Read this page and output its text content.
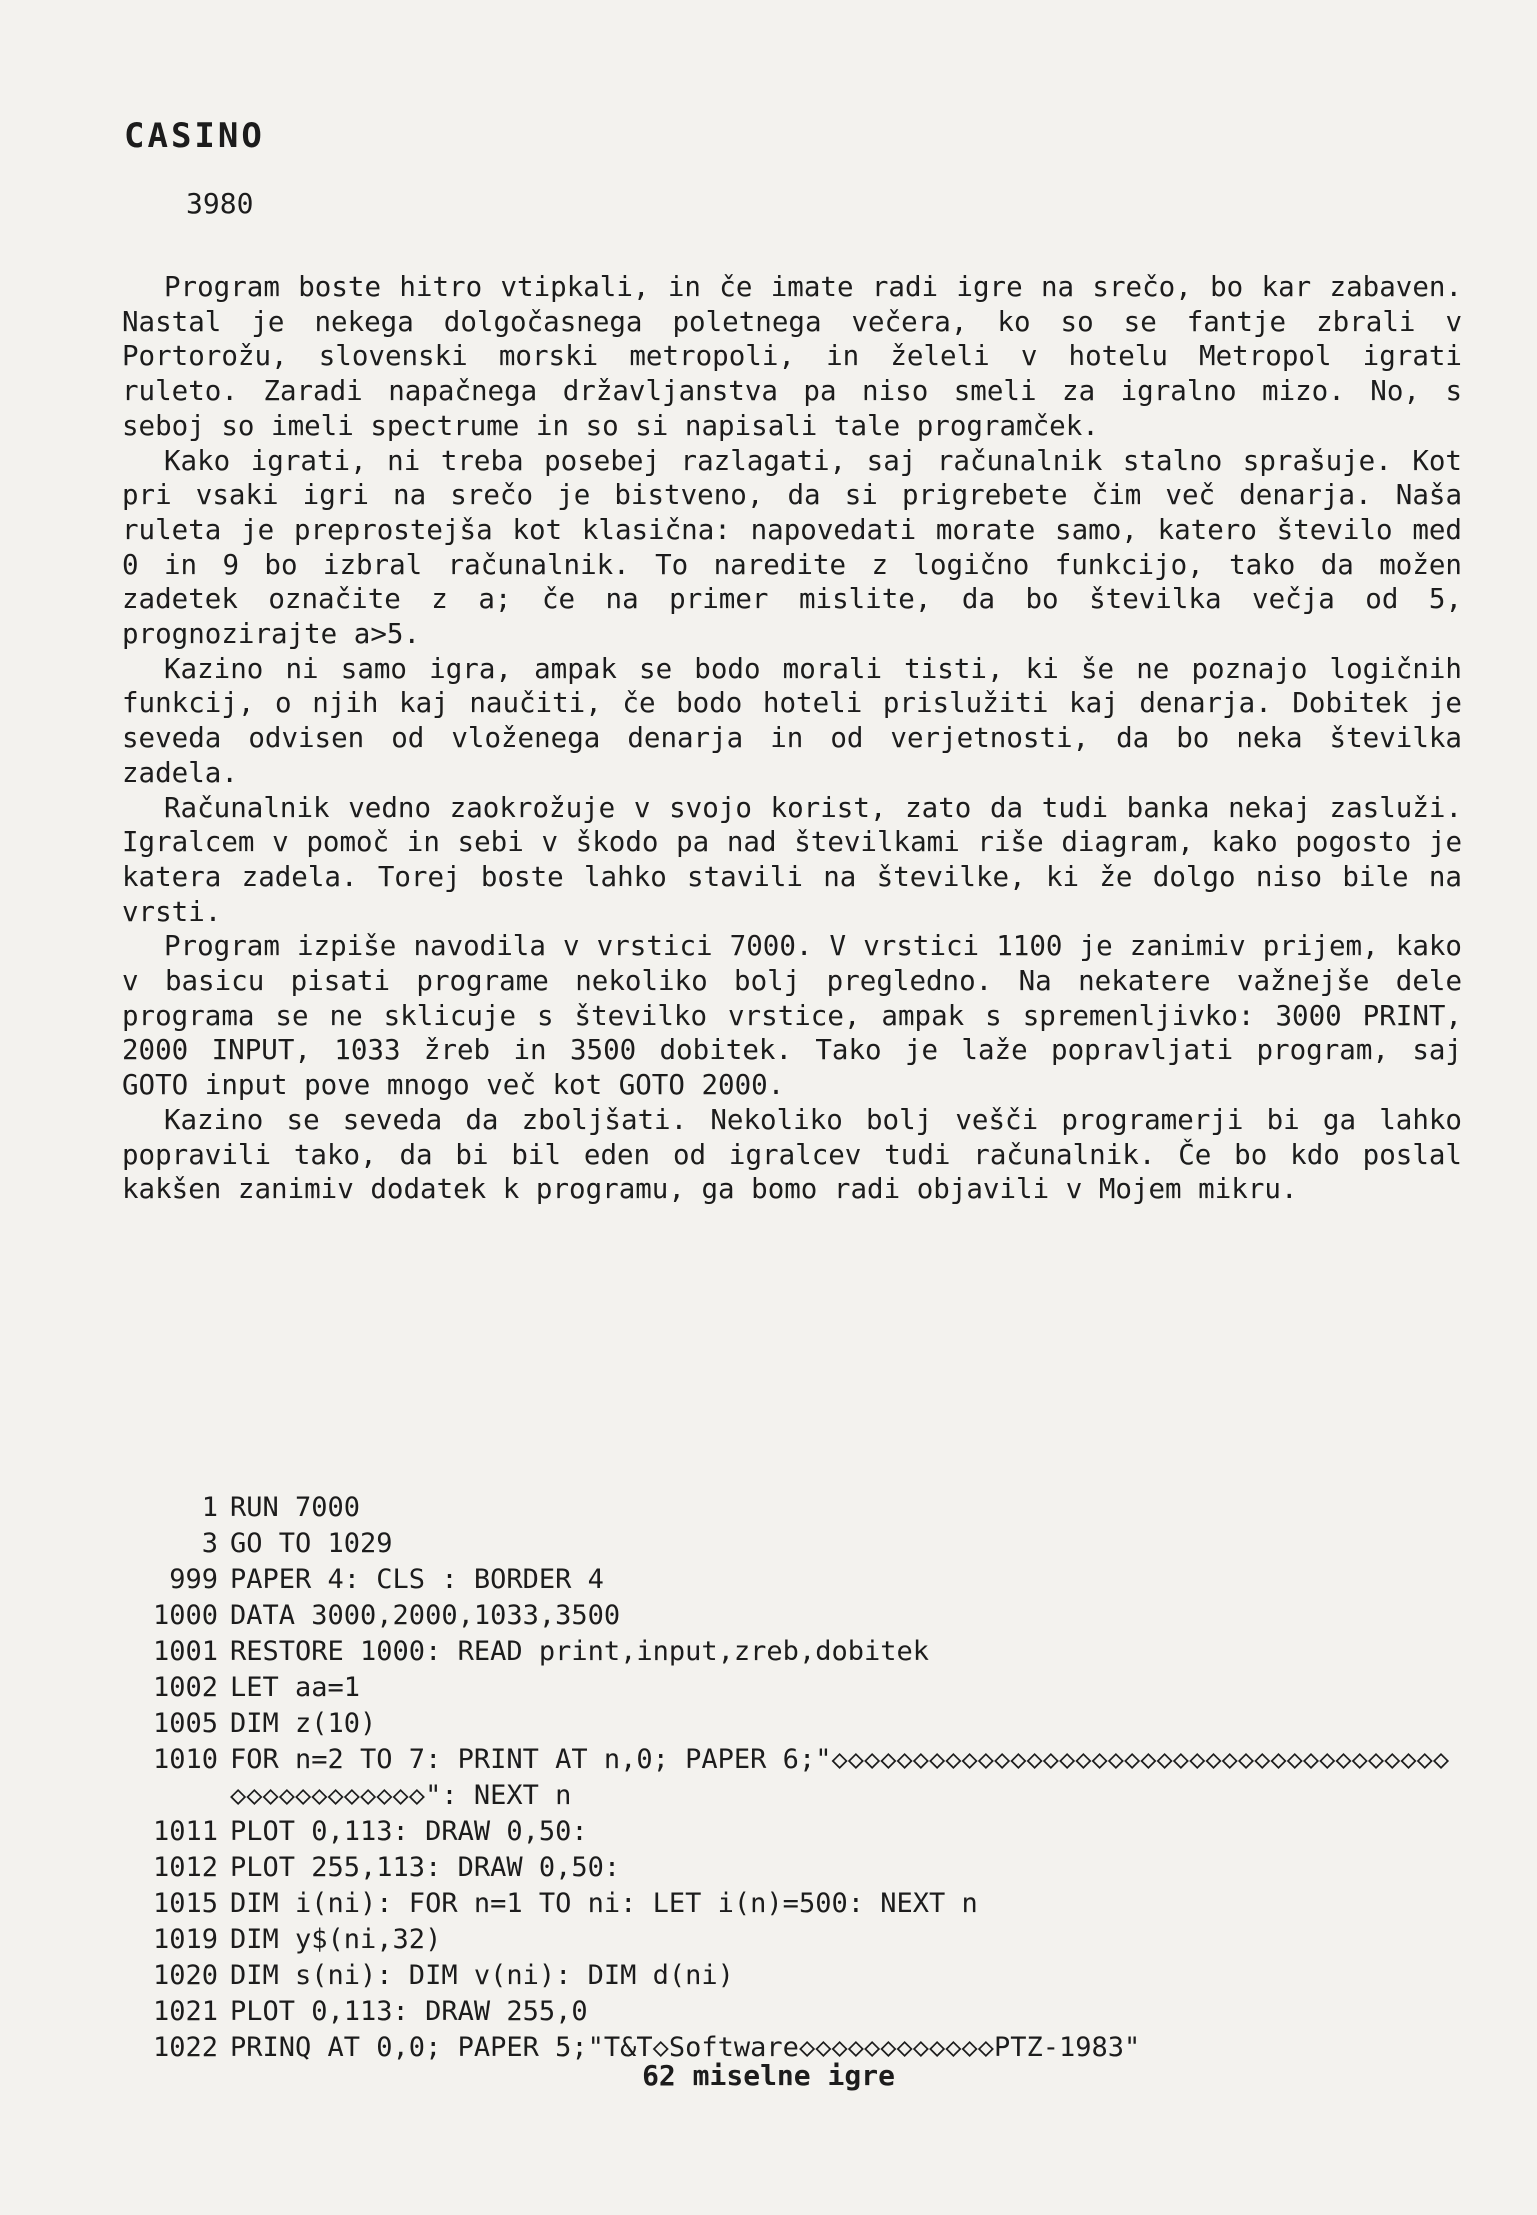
CASINO
3980

Program boste hitro vtipkali, in če imate radi igre na srečo, bo kar zabaven. Nastal je nekega dolgočasnega poletnega večera, ko so se fantje zbrali v Portorožu, slovenski morski metropoli, in želeli v hotelu Metropol igrati ruleto. Zaradi napačnega državljanstva pa niso smeli za igralno mizo. No, s seboj so imeli spectrume in so si napisali tale programček.

Kako igrati, ni treba posebej razlagati, saj računalnik stalno sprašuje. Kot pri vsaki igri na srečo je bistveno, da si prigrebete čim več denarja. Naša ruleta je preprostejša kot klasična: napovedati morate samo, katero število med 0 in 9 bo izbral računalnik. To naredite z logično funkcijo, tako da možen zadetek označite z a; če na primer mislite, da bo številka večja od 5, prognozirajte a>5.

Kazino ni samo igra, ampak se bodo morali tisti, ki še ne poznajo logičnih funkcij, o njih kaj naučiti, če bodo hoteli prislužiti kaj denarja. Dobitek je seveda odvisen od vloženega denarja in od verjetnosti, da bo neka številka zadela.

Računalnik vedno zaokrožuje v svojo korist, zato da tudi banka nekaj zasluži. Igralcem v pomoč in sebi v škodo pa nad številkami riše diagram, kako pogosto je katera zadela. Torej boste lahko stavili na številke, ki že dolgo niso bile na vrsti.

Program izpiše navodila v vrstici 7000. V vrstici 1100 je zanimiv prijem, kako v basicu pisati programe nekoliko bolj pregledno. Na nekatere važnejše dele programa se ne sklicuje s številko vrstice, ampak s spremenljivko: 3000 PRINT, 2000 INPUT, 1033 žreb in 3500 dobitek. Tako je laže popravljati program, saj GOTO input pove mnogo več kot GOTO 2000.

Kazino se seveda da zboljšati. Nekoliko bolj vešči programerji bi ga lahko popravili tako, da bi bil eden od igralcev tudi računalnik. Če bo kdo poslal kakšen zanimiv dodatek k programu, ga bomo radi objavili v Mojem mikru.

1 RUN 7000
3 GO TO 1029
999 PAPER 4: CLS : BORDER 4
1000 DATA 3000,2000,1033,3500
1001 RESTORE 1000: READ print,input,zreb,dobitek
1002 LET aa=1
1005 DIM z(10)
1010 FOR n=2 TO 7: PRINT AT n,0; PAPER 6;"◇◇◇◇◇◇◇◇◇◇◇◇◇◇◇◇◇◇◇◇◇◇◇◇◇◇◇◇◇◇◇◇◇◇◇◇◇◇◇◇◇◇◇◇◇◇◇◇◇◇": NEXT n
1011 PLOT 0,113: DRAW 0,50:
1012 PLOT 255,113: DRAW 0,50:
1015 DIM i(ni): FOR n=1 TO ni: LET i(n)=500: NEXT n
1019 DIM y$(ni,32)
1020 DIM s(ni): DIM v(ni): DIM d(ni)
1021 PLOT 0,113: DRAW 255,0
1022 PRINQ AT 0,0; PAPER 5;"T&T◇Software◇◇◇◇◇◇◇◇◇◇◇◇PTZ-1983"
62 miselne igre
